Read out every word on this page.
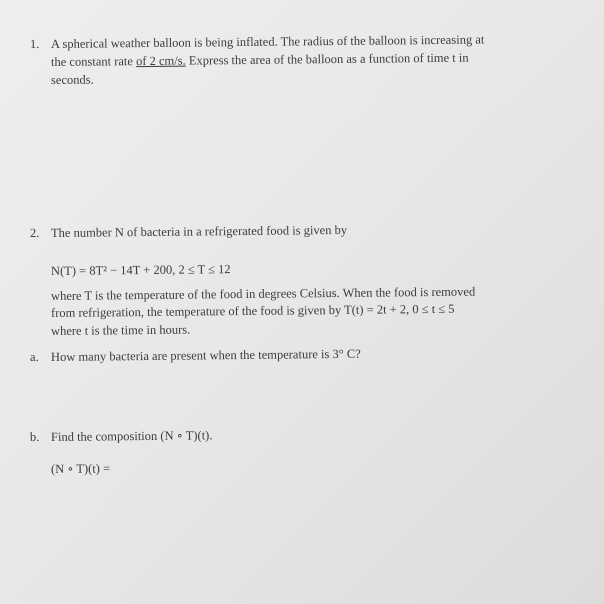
1. A spherical weather balloon is being inflated. The radius of the balloon is increasing at
the constant rate of 2 cm/s. Express the area of the balloon as a function of time t in
seconds.
2. The number N of bacteria in a refrigerated food is given by
N(T) = 8T² − 14T + 200, 2 ≤ T ≤ 12
where T is the temperature of the food in degrees Celsius. When the food is removed
from refrigeration, the temperature of the food is given by T(t) = 2t + 2, 0 ≤ t ≤ 5
where t is the time in hours.
a. How many bacteria are present when the temperature is 3° C?
b. Find the composition (N ∘ T)(t).
(N ∘ T)(t) =
